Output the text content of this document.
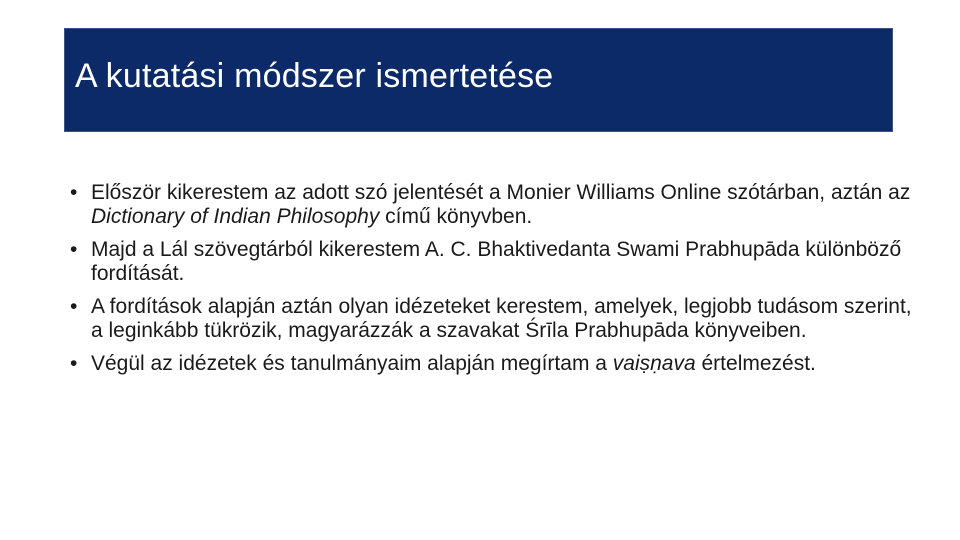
A kutatási módszer ismertetése
• Először kikerestem az adott szó jelentését a Monier Williams Online szótárban, aztán az Dictionary of Indian Philosophy című könyvben.
• Majd a Lál szövegtárból kikerestem A. C. Bhaktivedanta Swami Prabhupāda különböző fordítását.
• A fordítások alapján aztán olyan idézeteket kerestem, amelyek, legjobb tudásom szerint, a leginkább tükrözik, magyarázzák a szavakat Śrīla Prabhupāda könyveiben.
• Végül az idézetek és tanulmányaim alapján megírtam a vaiṣṇava értelmezést.
